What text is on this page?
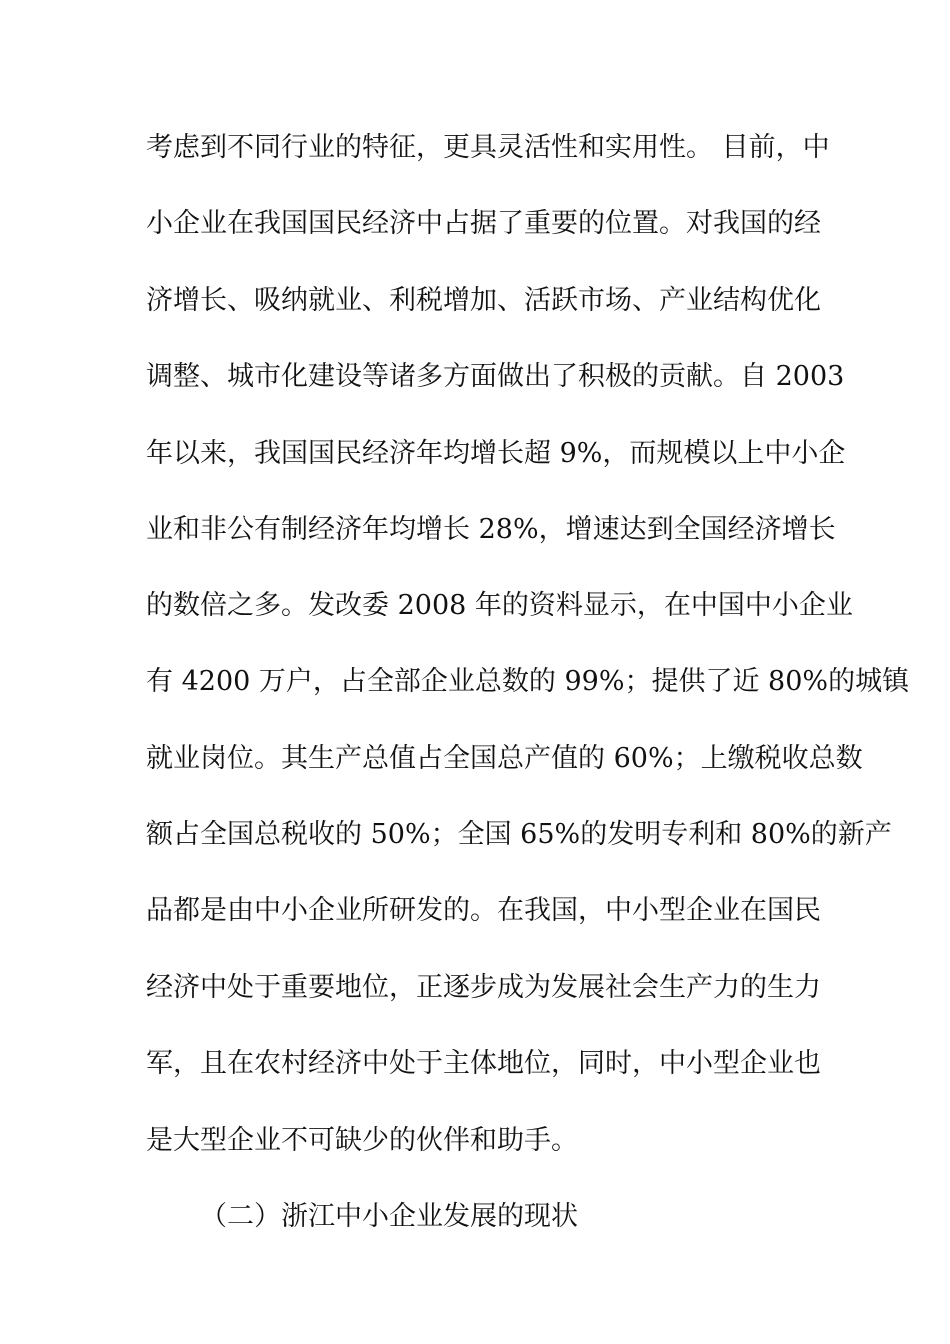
考虑到不同行业的特征，更具灵活性和实用性。 目前，中
小企业在我国国民经济中占据了重要的位置。对我国的经
济增长、吸纳就业、利税增加、活跃市场、产业结构优化
调整、城市化建设等诸多方面做出了积极的贡献。自 2003
年以来，我国国民经济年均增长超 9%，而规模以上中小企
业和非公有制经济年均增长 28%，增速达到全国经济增长
的数倍之多。发改委 2008 年的资料显示，在中国中小企业
有 4200 万户，占全部企业总数的 99%；提供了近 80%的城镇
就业岗位。其生产总值占全国总产值的 60%；上缴税收总数
额占全国总税收的 50%；全国 65%的发明专利和 80%的新产
品都是由中小企业所研发的。在我国，中小型企业在国民
经济中处于重要地位，正逐步成为发展社会生产力的生力
军，且在农村经济中处于主体地位，同时，中小型企业也
是大型企业不可缺少的伙伴和助手。
（二）浙江中小企业发展的现状
